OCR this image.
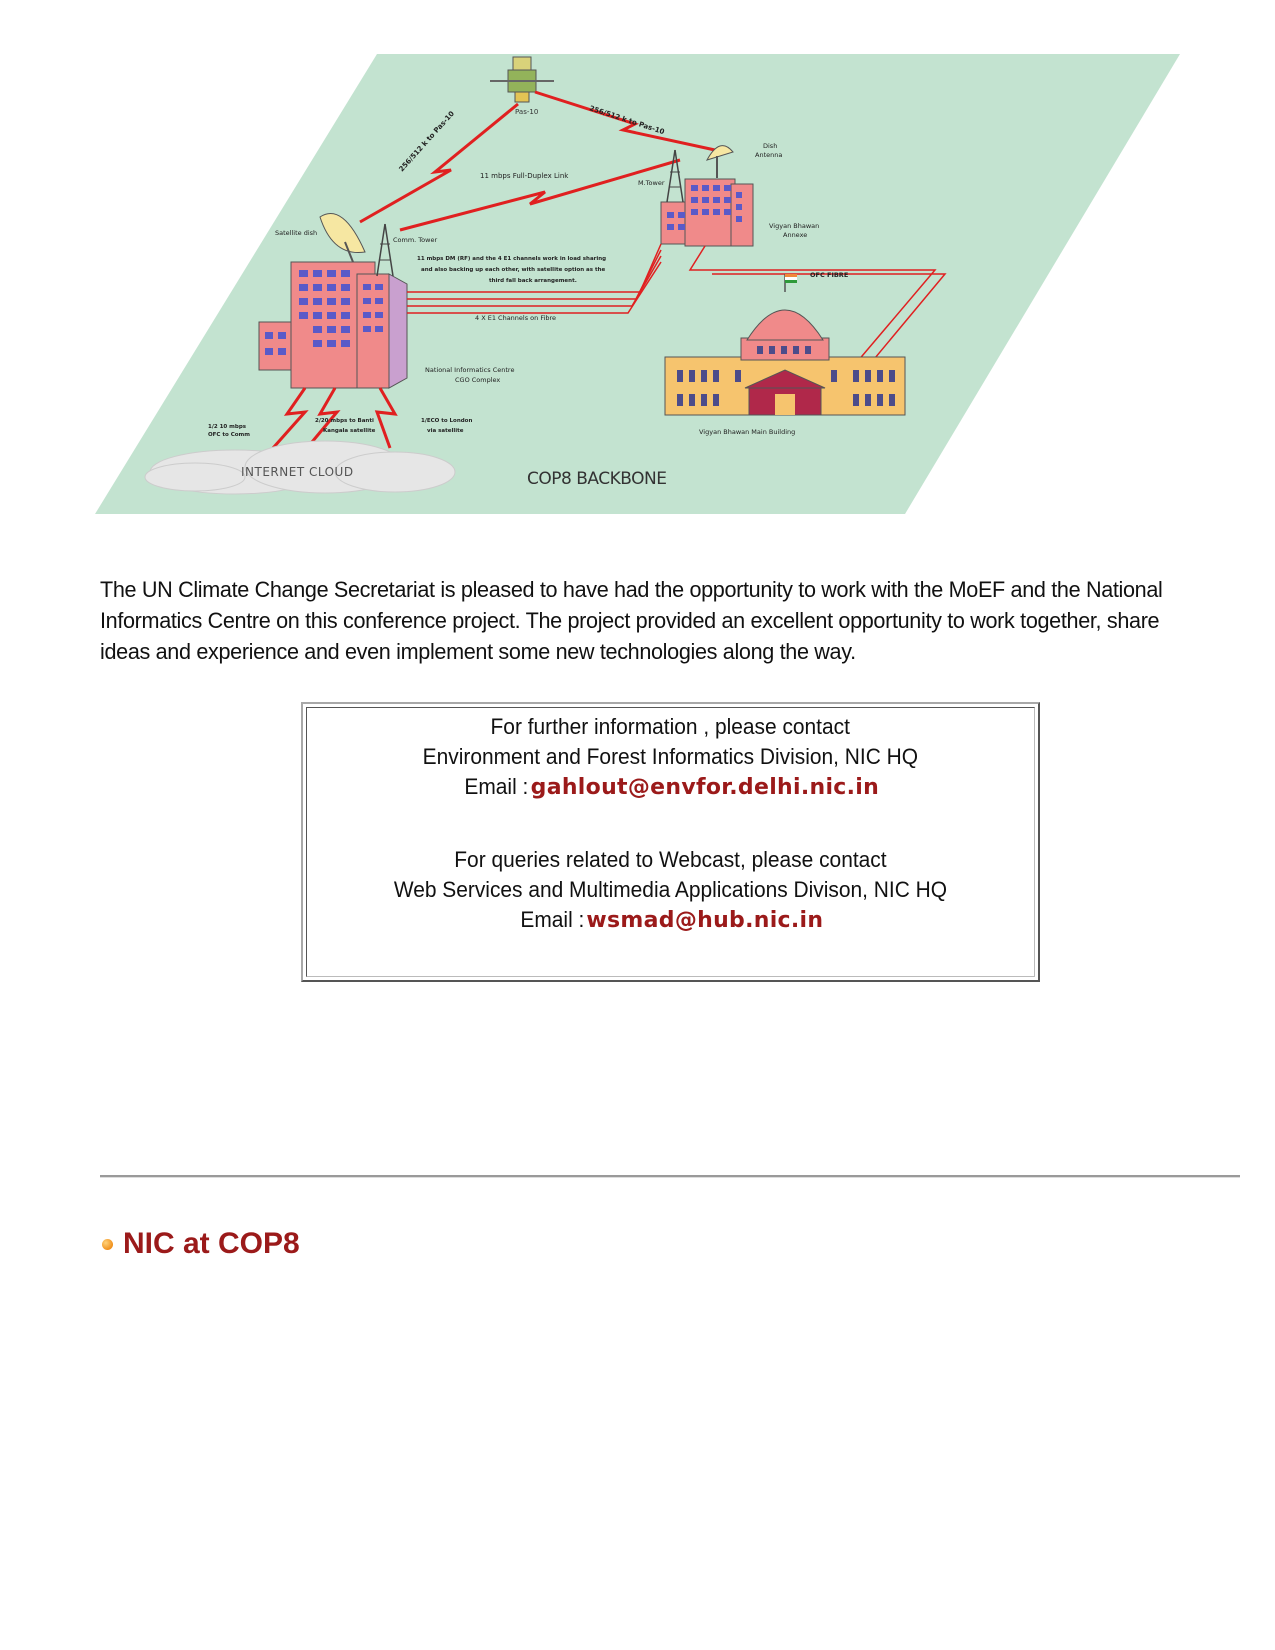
Pas-10
256/512 k to Pas-10	256/512 k to Pas-10
11 mbps Full-Duplex Link
Dish
Antenna
M.Tower
Vigyan Bhawan
Annexe
Satellite dish
Comm. Tower
11 mbps DM (RF) and the 4 E1 channels work in load sharing
and also backing up each other, with satellite option as the
third fall back arrangement.
4 X E1 Channels on Fibre
OFC FIBRE
Vigyan Bhawan Main Building
National Informatics Centre
CGO Complex
1/2 10 mbps
OFC to Comm
2/20 mbps to Banti
Kangala satellite
1/ECO to London
via satellite
INTERNET CLOUD	COP8 BACKBONE

The UN Climate Change Secretariat is pleased to have had the opportunity to work with the MoEF and the National Informatics Centre on this conference project. The project provided an excellent opportunity to work together, share ideas and experience and even implement some new technologies along the way.

For further information , please contact
Environment and Forest Informatics Division, NIC HQ
Email :gahlout@envfor.delhi.nic.in
For queries related to Webcast, please contact
Web Services and Multimedia Applications Divison, NIC HQ
Email :wsmad@hub.nic.in
NIC at COP8
